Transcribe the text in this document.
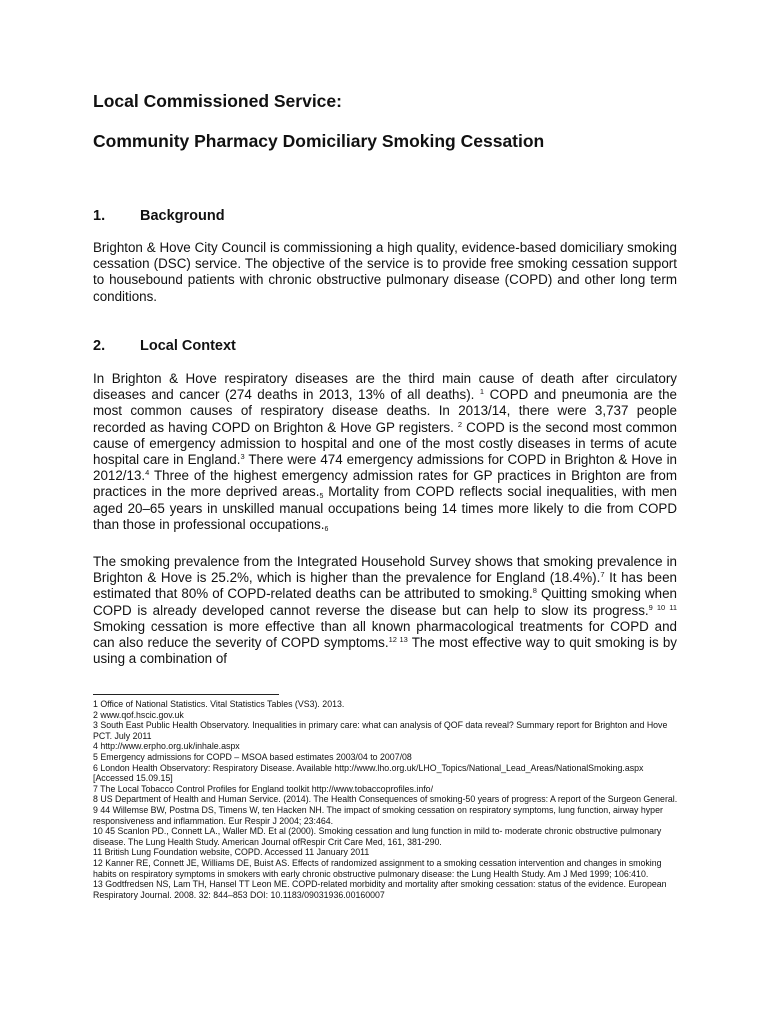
Local Commissioned Service:
Community Pharmacy Domiciliary Smoking Cessation
1. Background

Brighton & Hove City Council is commissioning a high quality, evidence-based domiciliary smoking cessation (DSC) service. The objective of the service is to provide free smoking cessation support to housebound patients with chronic obstructive pulmonary disease (COPD) and other long term conditions.

2. Local Context

In Brighton & Hove respiratory diseases are the third main cause of death after circulatory diseases and cancer (274 deaths in 2013, 13% of all deaths). $^1$ COPD and pneumonia are the most common causes of respiratory disease deaths. In 2013/14, there were 3,737 people recorded as having COPD on Brighton & Hove GP registers. $^2$ COPD is the second most common cause of emergency admission to hospital and one of the most costly diseases in terms of acute hospital care in England.$^3$ There were 474 emergency admissions for COPD in Brighton & Hove in 2012/13.$^4$ Three of the highest emergency admission rates for GP practices in Brighton are from practices in the more deprived $areas._5$ Mortality from COPD reflects social inequalities, with men aged 20–65 years in unskilled manual occupations being 14 times more likely to die from COPD than those in professional $occupations._6$

The smoking prevalence from the Integrated Household Survey shows that smoking prevalence in Brighton & Hove is 25.2%, which is higher than the prevalence for England (18.4%).$^7$ It has been estimated that 80% of COPD-related deaths can be attributed to smoking.$^8$ Quitting smoking when COPD is already developed cannot reverse the disease but can help to slow its progress.$^{9 10 11}$ Smoking cessation is more effective than all known pharmacological treatments for COPD and can also reduce the severity of COPD symptoms.$^{12 13}$ The most effective way to quit smoking is by using a combination of

1 Office of National Statistics. Vital Statistics Tables (VS3). 2013.
2 www.qof.hscic.gov.uk
3 South East Public Health Observatory. Inequalities in primary care: what can analysis of QOF data reveal? Summary report for Brighton and Hove PCT. July 2011
4 http://www.erpho.org.uk/inhale.aspx
5 Emergency admissions for COPD – MSOA based estimates 2003/04 to 2007/08
6 London Health Observatory: Respiratory Disease. Available http://www.lho.org.uk/LHO_Topics/National_Lead_Areas/NationalSmoking.aspx [Accessed 15.09.15]
7 The Local Tobacco Control Profiles for England toolkit http://www.tobaccoprofiles.info/
8 US Department of Health and Human Service. (2014). The Health Consequences of smoking-50 years of progress: A report of the Surgeon General.
9 44 Willemse BW, Postma DS, Timens W, ten Hacken NH. The impact of smoking cessation on respiratory symptoms, lung function, airway hyper responsiveness and inflammation. Eur Respir J 2004; 23:464.
10 45 Scanlon PD., Connett LA., Waller MD. Et al (2000). Smoking cessation and lung function in mild to- moderate chronic obstructive pulmonary disease. The Lung Health Study. American Journal ofRespir Crit Care Med, 161, 381-290.
11 British Lung Foundation website, COPD. Accessed 11 January 2011
12 Kanner RE, Connett JE, Williams DE, Buist AS. Effects of randomized assignment to a smoking cessation intervention and changes in smoking habits on respiratory symptoms in smokers with early chronic obstructive pulmonary disease: the Lung Health Study. Am J Med 1999; 106:410.
13 Godtfredsen NS, Lam TH, Hansel TT Leon ME. COPD-related morbidity and mortality after smoking cessation: status of the evidence. European Respiratory Journal. 2008. 32: 844–853 DOI: 10.1183/09031936.00160007
